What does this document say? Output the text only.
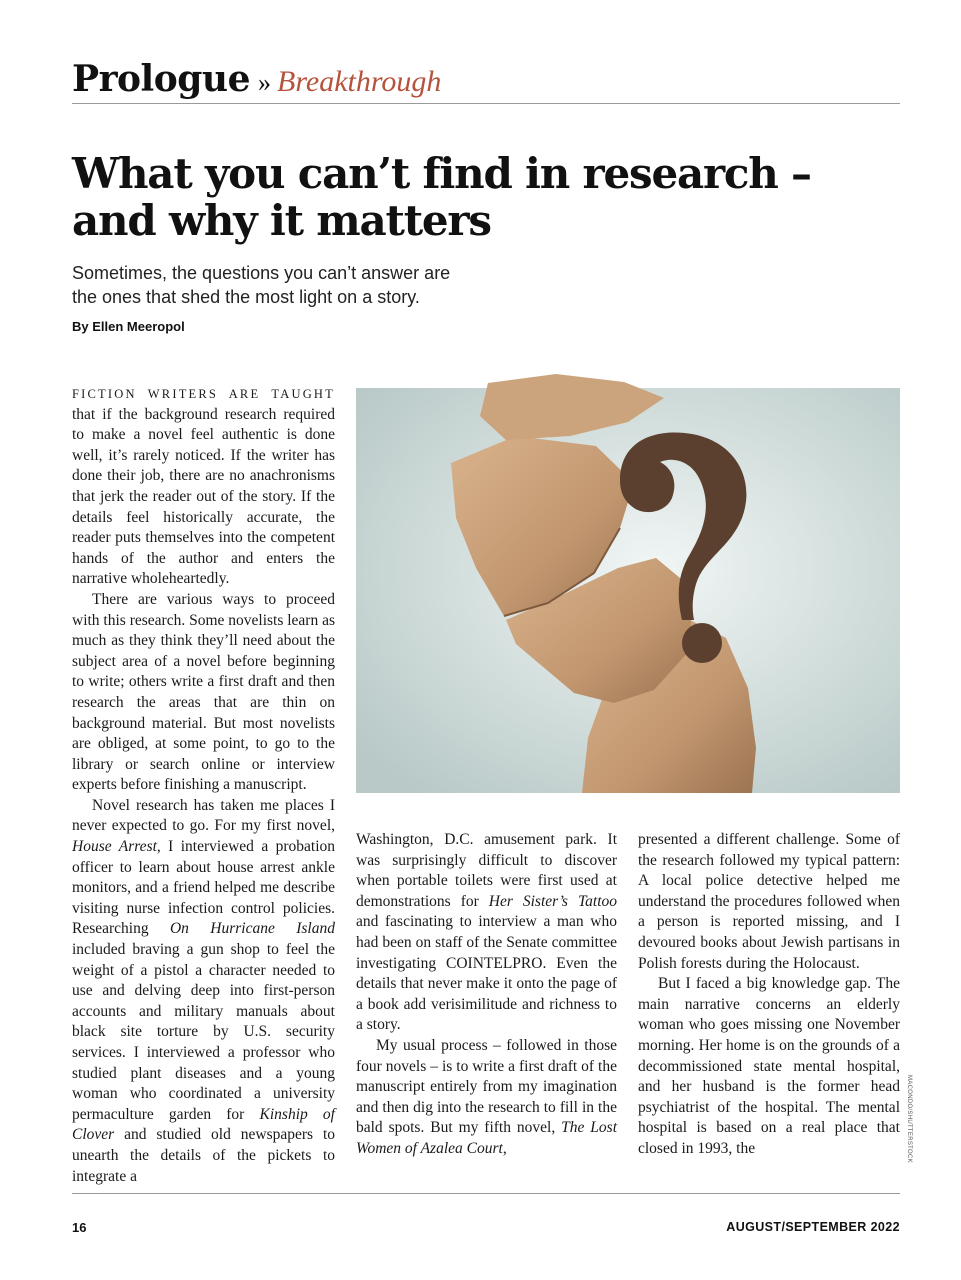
Prologue » Breakthrough
What you can’t find in research –
and why it matters

Sometimes, the questions you can’t answer are
the ones that shed the most light on a story.

By Ellen Meeropol

FICTION WRITERS ARE TAUGHT that if the background research required to make a novel feel authentic is done well, it’s rarely noticed. If the writer has done their job, there are no anachronisms that jerk the reader out of the story. If the details feel historically accurate, the reader puts themselves into the competent hands of the author and enters the narrative wholeheartedly.

There are various ways to proceed with this research. Some novelists learn as much as they think they’ll need about the subject area of a novel before beginning to write; others write a first draft and then research the areas that are thin on background material. But most novelists are obliged, at some point, to go to the library or search online or interview experts before finishing a manuscript.

Novel research has taken me places I never expected to go. For my first novel, House Arrest, I interviewed a probation officer to learn about house arrest ankle monitors, and a friend helped me describe visiting nurse infection control policies. Researching On Hurricane Island included braving a gun shop to feel the weight of a pistol a character needed to use and delving deep into first-person accounts and military manuals about black site torture by U.S. security services. I interviewed a professor who studied plant diseases and a young woman who coordinated a university permaculture garden for Kinship of Clover and studied old newspapers to unearth the details of the pickets to integrate a

Washington, D.C. amusement park. It was surprisingly difficult to discover when portable toilets were first used at demonstrations for Her Sister’s Tattoo and fascinating to interview a man who had been on staff of the Senate committee investigating COINTELPRO. Even the details that never make it onto the page of a book add verisimilitude and richness to a story.

My usual process – followed in those four novels – is to write a first draft of the manuscript entirely from my imagination and then dig into the research to fill in the bald spots. But my fifth novel, The Lost Women of Azalea Court,

presented a different challenge. Some of the research followed my typical pattern: A local police detective helped me understand the procedures followed when a person is reported missing, and I devoured books about Jewish partisans in Polish forests during the Holocaust.

But I faced a big knowledge gap. The main narrative concerns an elderly woman who goes missing one November morning. Her home is on the grounds of a decommissioned state mental hospital, and her husband is the former head psychiatrist of the hospital. The mental hospital is based on a real place that closed in 1993, the	MACONDO/SHUTTERSTOCK
16	AUGUST/SEPTEMBER 2022
